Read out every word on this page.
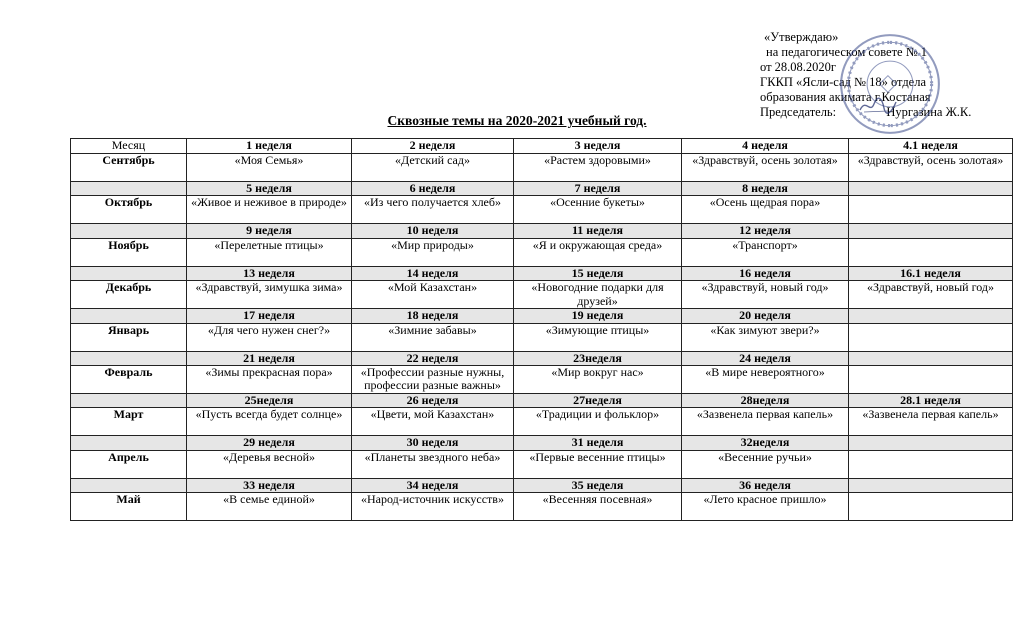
«Утверждаю»
на педагогическом совете № 1
от 28.08.2020г
ГККП «Ясли-сад № 18» отдела
образования акимата г.Костаная
Председатель:	Нургазина Ж.К.
Сквозные темы на 2020-2021 учебный год.
Месяц	1 неделя	2 неделя	3 неделя	4 неделя	4.1 неделя
Сентябрь	«Моя Семья»	«Детский сад»	«Растем здоровыми»	«Здравствуй, осень золотая»	«Здравствуй, осень золотая»
	5 неделя	6 неделя	7 неделя	8 неделя	
Октябрь	«Живое и неживое в природе»	«Из чего получается хлеб»	«Осенние букеты»	«Осень щедрая пора»	
	9 неделя	10 неделя	11 неделя	12 неделя	
Ноябрь	«Перелетные птицы»	«Мир природы»	«Я и окружающая среда»	«Транспорт»	
	13 неделя	14 неделя	15 неделя	16 неделя	16.1 неделя
Декабрь	«Здравствуй, зимушка зима»	«Мой Казахстан»	«Новогодние подарки для друзей»	«Здравствуй, новый год»	«Здравствуй, новый год»
	17 неделя	18 неделя	19 неделя	20 неделя	
Январь	«Для чего нужен снег?»	«Зимние забавы»	«Зимующие птицы»	«Как зимуют звери?»	
	21 неделя	22 неделя	23неделя	24 неделя	
Февраль	«Зимы прекрасная пора»	«Профессии разные нужны, профессии разные важны»	«Мир вокруг нас»	«В мире невероятного»	
	25неделя	26 неделя	27неделя	28неделя	28.1 неделя
Март	«Пусть всегда будет солнце»	«Цвети, мой Казахстан»	«Традиции и фольклор»	«Зазвенела первая капель»	«Зазвенела первая капель»
	29 неделя	30 неделя	31 неделя	32неделя	
Апрель	«Деревья весной»	«Планеты звездного неба»	«Первые весенние птицы»	«Весенние ручьи»	
	33 неделя	34 неделя	35 неделя	36 неделя	
Май	«В семье единой»	«Народ-источник искусств»	«Весенняя посевная»	«Лето красное пришло»	
